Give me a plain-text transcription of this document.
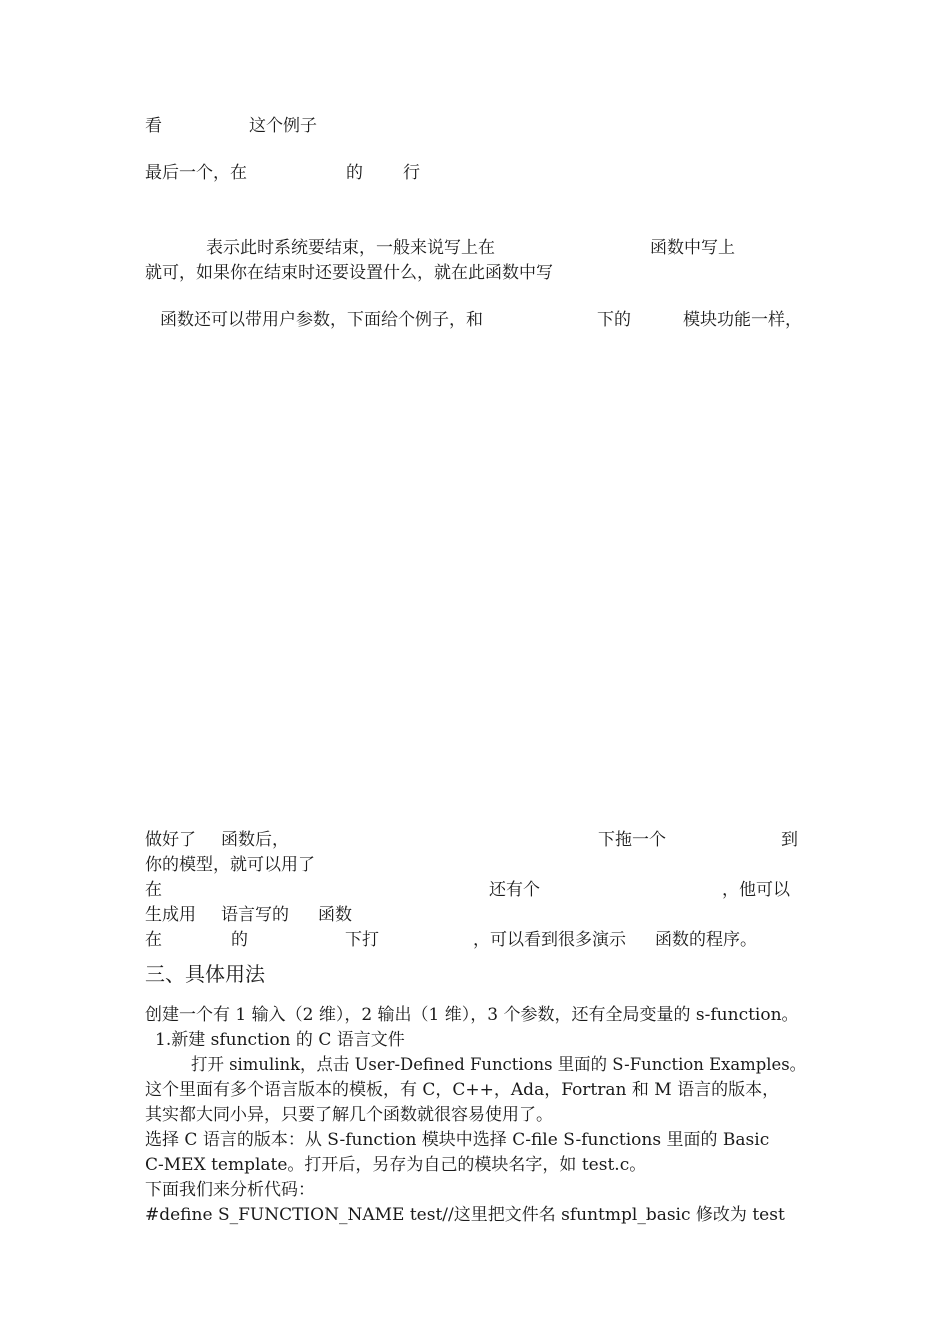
看	这个例子
最后一个，在	的 行
表示此时系统要结束，一般来说写上在	函数中写上
就可，如果你在结束时还要设置什么，就在此函数中写
函数还可以带用户参数，下面给个例子，和	下的	模块功能一样，
做好了 函数后，	下拖一个	到
你的模型，就可以用了
在	还有个	，他可以
生成用 语言写的 函数
在	的	下打	，可以看到很多演示 函数的程序。
三、具体用法
创建一个有 1 输入（2 维），2 输出（1 维），3 个参数，还有全局变量的 s-function。
1.新建 sfunction 的 C 语言文件
打开 simulink，点击 User-Defined Functions 里面的 S-Function Examples。
这个里面有多个语言版本的模板，有 C，C++，Ada，Fortran 和 M 语言的版本，
其实都大同小异，只要了解几个函数就很容易使用了。
选择 C 语言的版本：从 S-function 模块中选择 C-file S-functions 里面的 Basic
C-MEX template。打开后，另存为自己的模块名字，如 test.c。
下面我们来分析代码：
#define S_FUNCTION_NAME test//这里把文件名 sfuntmpl_basic 修改为 test
